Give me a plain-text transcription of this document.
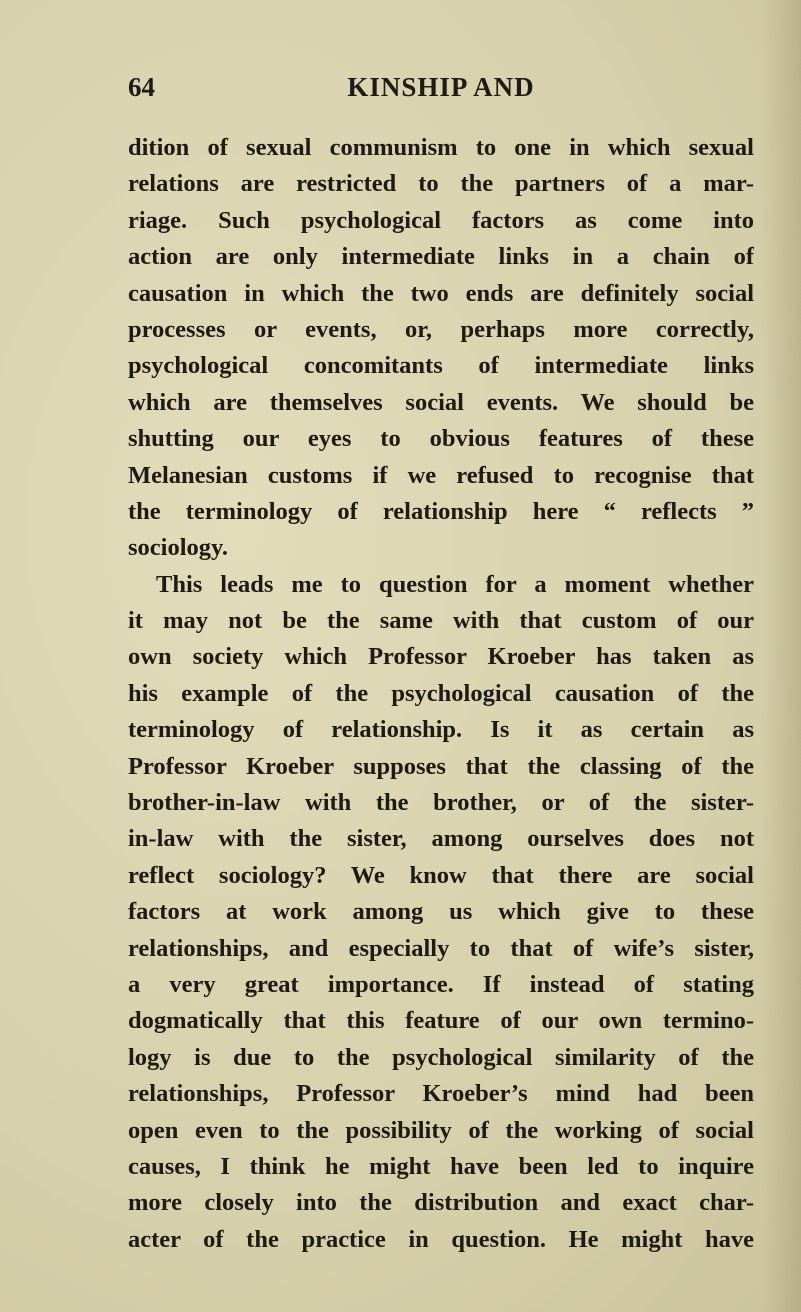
64	KINSHIP AND
dition of sexual communism to one in which sexual
relations are restricted to the partners of a mar-
riage. Such psychological factors as come into
action are only intermediate links in a chain of
causation in which the two ends are definitely social
processes or events, or, perhaps more correctly,
psychological concomitants of intermediate links
which are themselves social events. We should be
shutting our eyes to obvious features of these
Melanesian customs if we refused to recognise that
the terminology of relationship here “ reflects ”
sociology.
This leads me to question for a moment whether
it may not be the same with that custom of our
own society which Professor Kroeber has taken as
his example of the psychological causation of the
terminology of relationship. Is it as certain as
Professor Kroeber supposes that the classing of the
brother-in-law with the brother, or of the sister-
in-law with the sister, among ourselves does not
reflect sociology? We know that there are social
factors at work among us which give to these
relationships, and especially to that of wife’s sister,
a very great importance. If instead of stating
dogmatically that this feature of our own termino-
logy is due to the psychological similarity of the
relationships, Professor Kroeber’s mind had been
open even to the possibility of the working of social
causes, I think he might have been led to inquire
more closely into the distribution and exact char-
acter of the practice in question. He might have
